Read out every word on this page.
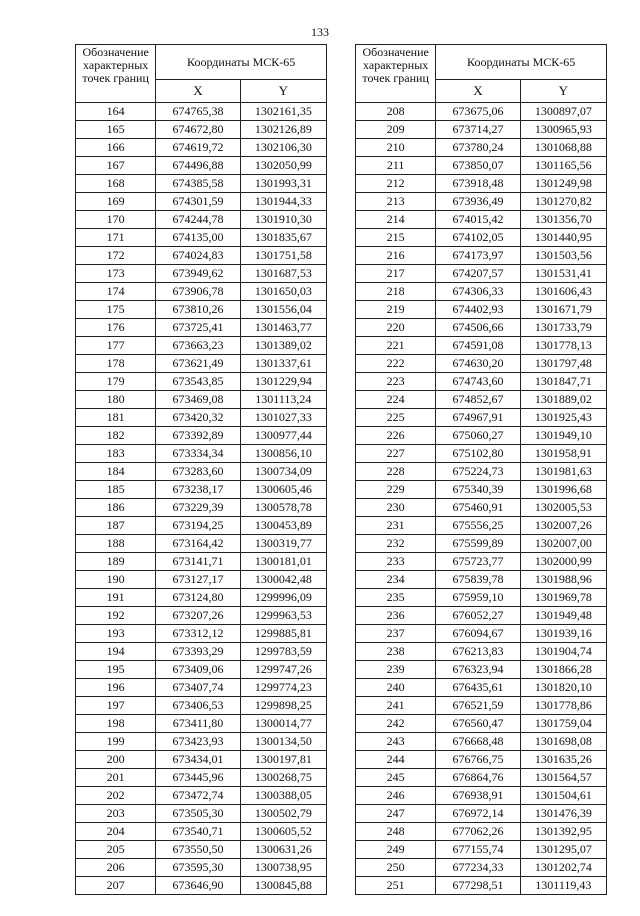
133
Обозначение характерных точек границ	Координаты МСК-65	
	X	Y
164	674765,38	1302161,35
165	674672,80	1302126,89
166	674619,72	1302106,30
167	674496,88	1302050,99
168	674385,58	1301993,31
169	674301,59	1301944,33
170	674244,78	1301910,30
171	674135,00	1301835,67
172	674024,83	1301751,58
173	673949,62	1301687,53
174	673906,78	1301650,03
175	673810,26	1301556,04
176	673725,41	1301463,77
177	673663,23	1301389,02
178	673621,49	1301337,61
179	673543,85	1301229,94
180	673469,08	1301113,24
181	673420,32	1301027,33
182	673392,89	1300977,44
183	673334,34	1300856,10
184	673283,60	1300734,09
185	673238,17	1300605,46
186	673229,39	1300578,78
187	673194,25	1300453,89
188	673164,42	1300319,77
189	673141,71	1300181,01
190	673127,17	1300042,48
191	673124,80	1299996,09
192	673207,26	1299963,53
193	673312,12	1299885,81
194	673393,29	1299783,59
195	673409,06	1299747,26
196	673407,74	1299774,23
197	673406,53	1299898,25
198	673411,80	1300014,77
199	673423,93	1300134,50
200	673434,01	1300197,81
201	673445,96	1300268,75
202	673472,74	1300388,05
203	673505,30	1300502,79
204	673540,71	1300605,52
205	673550,50	1300631,26
206	673595,30	1300738,95
207	673646,90	1300845,88
Обозначение характерных точек границ	Координаты МСК-65	
	X	Y
208	673675,06	1300897,07
209	673714,27	1300965,93
210	673780,24	1301068,88
211	673850,07	1301165,56
212	673918,48	1301249,98
213	673936,49	1301270,82
214	674015,42	1301356,70
215	674102,05	1301440,95
216	674173,97	1301503,56
217	674207,57	1301531,41
218	674306,33	1301606,43
219	674402,93	1301671,79
220	674506,66	1301733,79
221	674591,08	1301778,13
222	674630,20	1301797,48
223	674743,60	1301847,71
224	674852,67	1301889,02
225	674967,91	1301925,43
226	675060,27	1301949,10
227	675102,80	1301958,91
228	675224,73	1301981,63
229	675340,39	1301996,68
230	675460,91	1302005,53
231	675556,25	1302007,26
232	675599,89	1302007,00
233	675723,77	1302000,99
234	675839,78	1301988,96
235	675959,10	1301969,78
236	676052,27	1301949,48
237	676094,67	1301939,16
238	676213,83	1301904,74
239	676323,94	1301866,28
240	676435,61	1301820,10
241	676521,59	1301778,86
242	676560,47	1301759,04
243	676668,48	1301698,08
244	676766,75	1301635,26
245	676864,76	1301564,57
246	676938,91	1301504,61
247	676972,14	1301476,39
248	677062,26	1301392,95
249	677155,74	1301295,07
250	677234,33	1301202,74
251	677298,51	1301119,43
